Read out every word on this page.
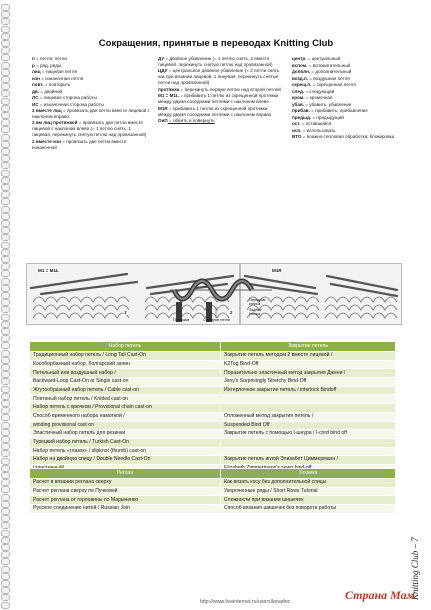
Сокращения, принятые в переводах Knitting Club

п = петля, петли

р = ряд, ряды

лиц = лицевая петля

изн = изнаночная петля

повт. = повторить

дв. = двойной

ЛС = лицевая сторона работы

ИС = изнаночная сторона работы

2 вместе лиц = провязать две петли вместе лицевой с наклоном вправо

2 вм лиц протяжкой = провязать две петли вместе лицевой с наклоном влево (= 1 петлю снять, 1 лицевая, перекинуть снятую петлю над провязанной)

2 вместе изн = провязать две петли вместе изнаночной

ДУ = двойное убавление (= 1 петлю снять, 2 вместе лицевой, перекинуть снятую петлю над провязанной)

ЦДУ = центральное двойное убавление (= 2 петли снять как при вязании лицевой, 1 лицевая, перекинуть снятые петли над провязанной)

протяжка = перекинуть первую петлю над второй петлей

M1 = M1L = прибавить 1 петлю из скрещенной протяжки между двумя соседними петлями с наклоном влево

M1R = прибавить 1 петлю из скрещенной протяжки между двумя соседними петлями с наклоном вправо

ОиП = обвить и повернуть

центр. = центральный

вспом. = вспомогательный

дополн. = дополнительный

возд.п. = воздушная петля

скрещ.п. = скрещенная петля

след. = следующий

кром. = кромочная

убав. = убавить, убавление

прибав. = прибавить, прибавление

предыд. = предыдущий

ост. = оставшийся

исп. = использовать

ВТО = влажно-тепловая обработка; блокировка

M1 = M1L
1	2
M1R
Протяжка	Соседние петли
Передняя стенка
Задняя стенка
Набор петель	Закрытие петель
Традиционный набор петель / Long Tail Cast-On	Закрытие петель методом 2 вместе лицевой /
Кособорбазный набор, болгарский зачин	K2Tog Bind-Off
Петельный или воздушный набор /	Поразительно эластичный метод закрытия Джени /
Backward-Loop Cast-On or Single cast-on	Jeny's Surprisingly Stretchy Bind-Off
Жгутообразный набор петель / Cable cast-on	Интерлочное закрытие петель / interlock Bindoff
Плетеный набор петель / Knitted cast-on	
Набор петель с крючком / Provisional chain cast-on	
Способ временного набора намоткой /	Отложенный метод закрытия петель /
winding provisional cast on	Suspended Bind Off
Эластичный набор петель для резинки	Закрытие петель с помощью I-шнура / I-cord bind off
Турецкий набор петель / Turkish Cast-On	
Набор петель «глазок» / slipknot (thumb) cast-on	
Набор на двойную спицу / Double Needle Cast-On	Закрытие петель иглой Элизабет Циммерманн /

Реглан	Техника
Расчет в вязании реглана сверху	Как вязать косу без дополнительной спицы
Расчет реглана сверху по Пучковой	Укороченные ряды / Short Rows Tutorial
Расчет реглана от горловины по Марыненко	Сложности при вязании шишечек
Русское соединение нитей / Russian Join	Способ вязания шишечек без поворота работы
Knitting Club – 7
http://www.liveinternet.ru/users/lenadoc	Страна Мам
